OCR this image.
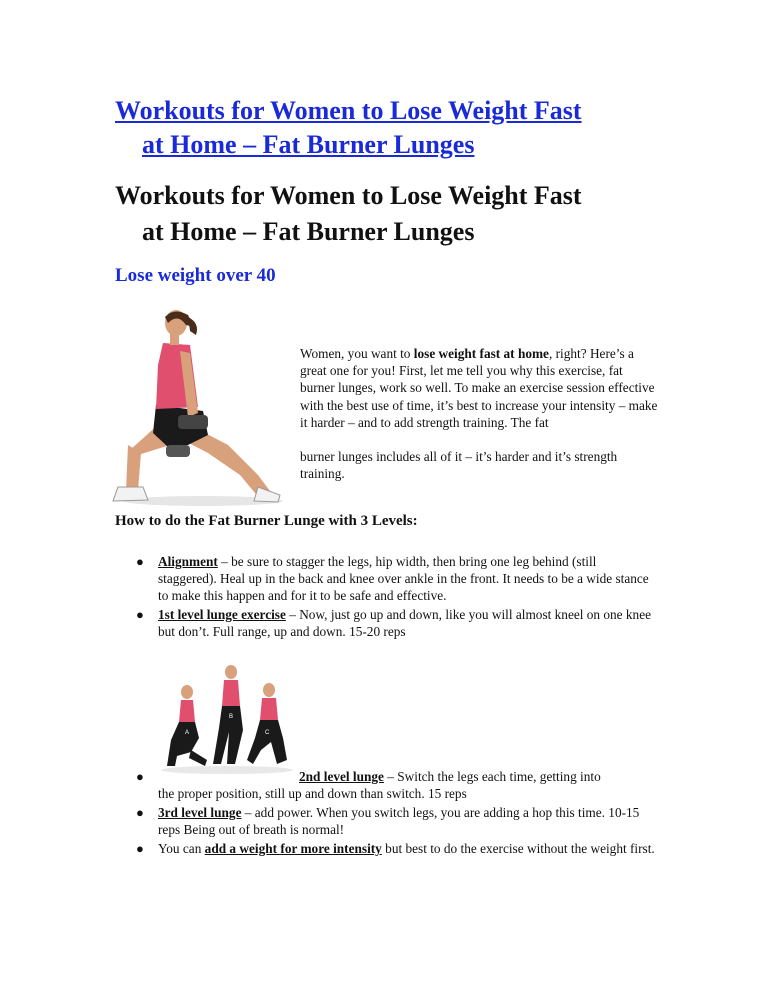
Workouts for Women to Lose Weight Fast
at Home – Fat Burner Lunges
Workouts for Women to Lose Weight Fast
at Home – Fat Burner Lunges
Lose weight over 40

Women, you want to lose weight fast at home, right? Here’s a great one for you! First, let me tell you why this exercise, fat burner lunges, work so well. To make an exercise session effective with the best use of time, it’s best to increase your intensity – make it harder – and to add strength training. The fat

burner lunges includes all of it – it’s harder and it’s strength training.

How to do the Fat Burner Lunge with 3 Levels:
● Alignment – be sure to stagger the legs, hip width, then bring one leg behind (still staggered). Heal up in the back and knee over ankle in the front. It needs to be a wide stance to make this happen and for it to be safe and effective.
● 1st level lunge exercise – Now, just go up and down, like you will almost kneel on one knee but don’t. Full range, up and down. 15-20 reps
●	2nd level lunge – Switch the legs each time, getting into
the proper position, still up and down than switch. 15 reps
● 3rd level lunge – add power. When you switch legs, you are adding a hop this time. 10-15 reps Being out of breath is normal!
● You can add a weight for more intensity but best to do the exercise without the weight first.
A
B
C
